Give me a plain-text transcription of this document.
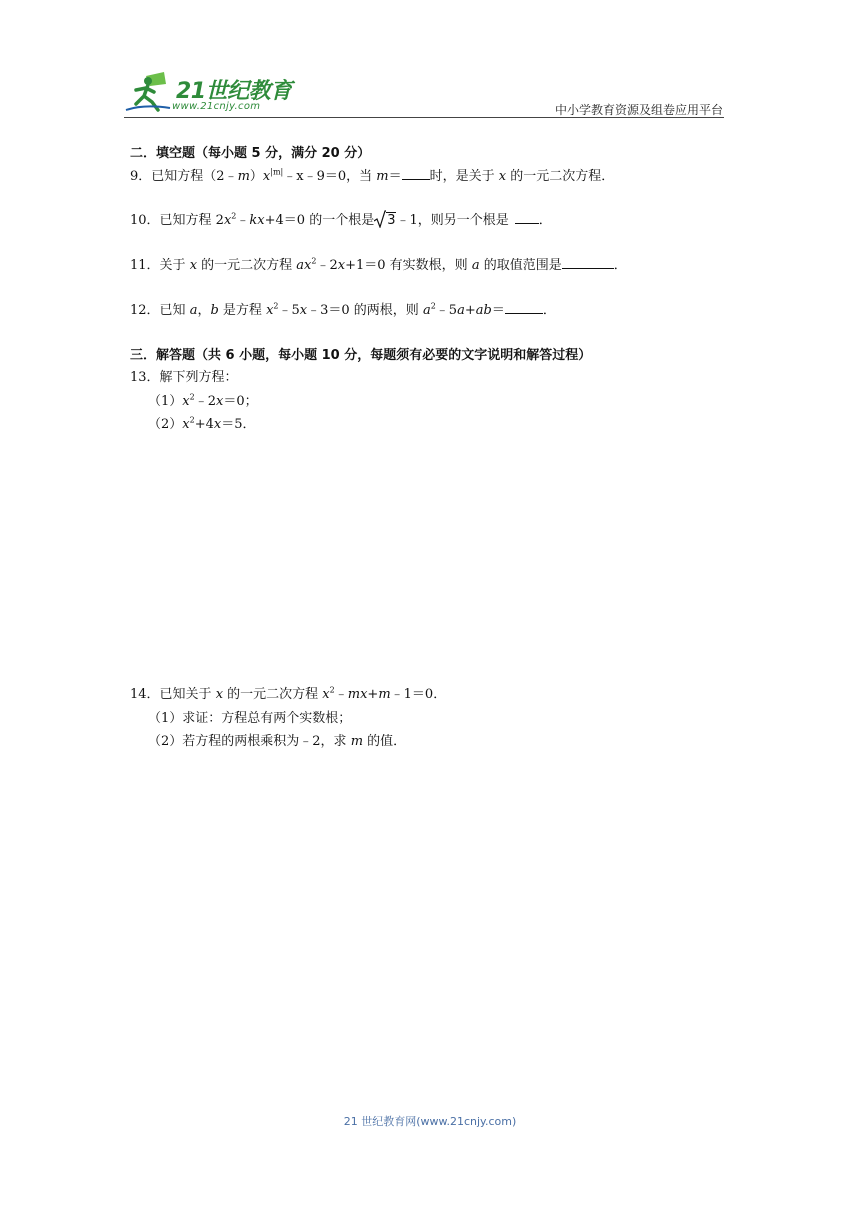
21世纪教育
www.21cnjy.com	中小学教育资源及组卷应用平台
二．填空题（每小题 5 分，满分 20 分）
9．已知方程$(2﹣m)x^{|m|}﹣x﹣9=0$，当 m＝ 时，是关于 x 的一元二次方程．
10．已知方程 $2x^2﹣kx+4=0$ 的一个根是 3﹣1，则另一个根是 ．
11．关于 x 的一元二次方程 $ax^2﹣2x+1=0$ 有实数根，则 a 的取值范围是	．
12．已知 a，b 是方程 $x^2﹣5x﹣3=0$ 的两根，则 $a^2﹣5a+ab=$	．
三．解答题（共 6 小题，每小题 10 分，每题须有必要的文字说明和解答过程）
13．解下列方程：
$(1)x^2﹣2x=0$；
$(2)x^2+4x=5$．
14．已知关于 x 的一元二次方程 $x^2﹣mx+m﹣1=0$．
（1）求证：方程总有两个实数根；
（2）若方程的两根乘积为﹣2，求 m 的值．
21 世纪教育网(www.21cnjy.com)
